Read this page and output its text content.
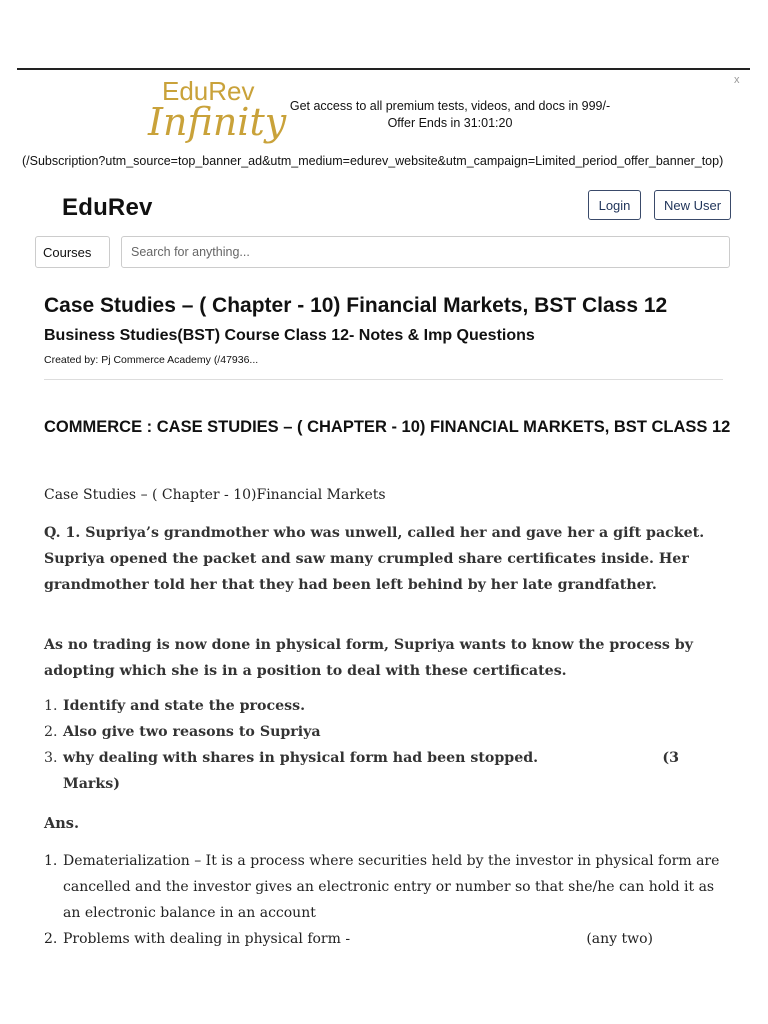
x
EduRev
Infinity Get access to all premium tests, videos, and docs in 999/-
Offer Ends in 31:01:20
(/Subscription?utm_source=top_banner_ad&utm_medium=edurev_website&utm_campaign=Limited_period_offer_banner_top)
EduRev	Login	New User
Courses
Search for anything...
Case Studies – ( Chapter - 10) Financial Markets, BST Class 12
Business Studies(BST) Course Class 12- Notes & Imp Questions
Created by: Pj Commerce Academy (/47936...
COMMERCE : CASE STUDIES – ( CHAPTER - 10) FINANCIAL MARKETS, BST CLASS 12
Case Studies – ( Chapter - 10)Financial Markets
Q. 1. Supriya’s grandmother who was unwell, called her and gave her a gift packet. Supriya opened the packet and saw many crumpled share certificates inside. Her grandmother told her that they had been left behind by her late grandfather.
As no trading is now done in physical form, Supriya wants to know the process by adopting which she is in a position to deal with these certificates.
1. Identify and state the process.
2. Also give two reasons to Supriya
3. why dealing with shares in physical form had been stopped.	(3
Marks)
Ans.
1. Dematerialization – It is a process where securities held by the investor in physical form are cancelled and the investor gives an electronic entry or number so that she/he can hold it as an electronic balance in an account
2. Problems with dealing in physical form -	(any two)
